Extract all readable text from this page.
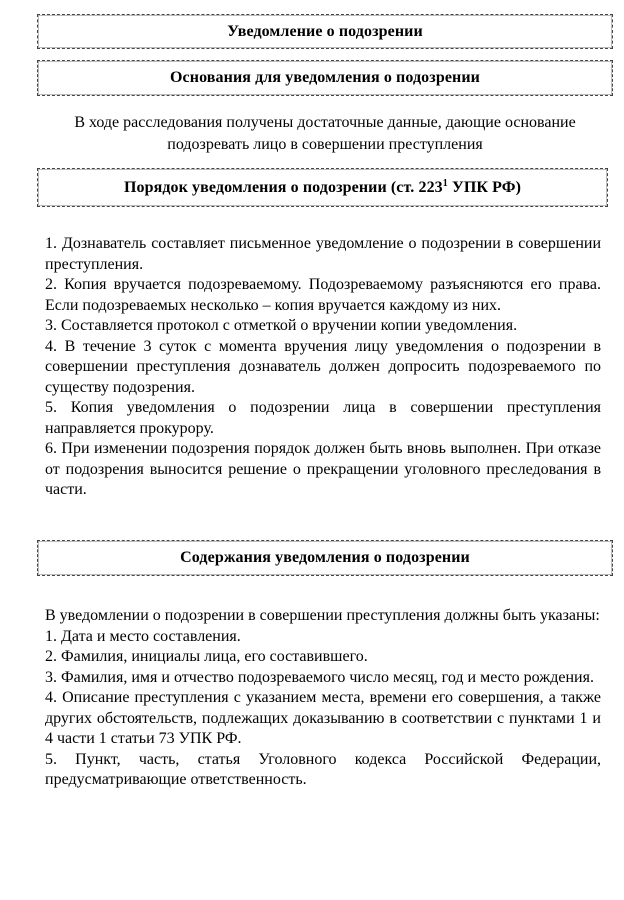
Уведомление о подозрении
Основания для уведомления о подозрении
В ходе расследования получены достаточные данные, дающие основание подозревать лицо в совершении преступления
Порядок уведомления о подозрении (ст. $223^1$ УПК РФ)

1. Дознаватель составляет письменное уведомление о подозрении в совершении преступления.

2. Копия вручается подозреваемому. Подозреваемому разъясняются его права. Если подозреваемых несколько – копия вручается каждому из них.

3. Составляется протокол с отметкой о вручении копии уведомления.

4. В течение 3 суток с момента вручения лицу уведомления о подозрении в совершении преступления дознаватель должен допросить подозреваемого по существу подозрения.

5. Копия уведомления о подозрении лица в совершении преступления направляется прокурору.

6. При изменении подозрения порядок должен быть вновь выполнен. При отказе от подозрения выносится решение о прекращении уголовного преследования в части.

Содержания уведомления о подозрении

В уведомлении о подозрении в совершении преступления должны быть указаны:

1. Дата и место составления.

2. Фамилия, инициалы лица, его составившего.

3. Фамилия, имя и отчество подозреваемого число месяц, год и место рождения.

4. Описание преступления с указанием места, времени его совершения, а также других обстоятельств, подлежащих доказыванию в соответствии с пунктами 1 и 4 части 1 статьи 73 УПК РФ.

5. Пункт, часть, статья Уголовного кодекса Российской Федерации, предусматривающие ответственность.
